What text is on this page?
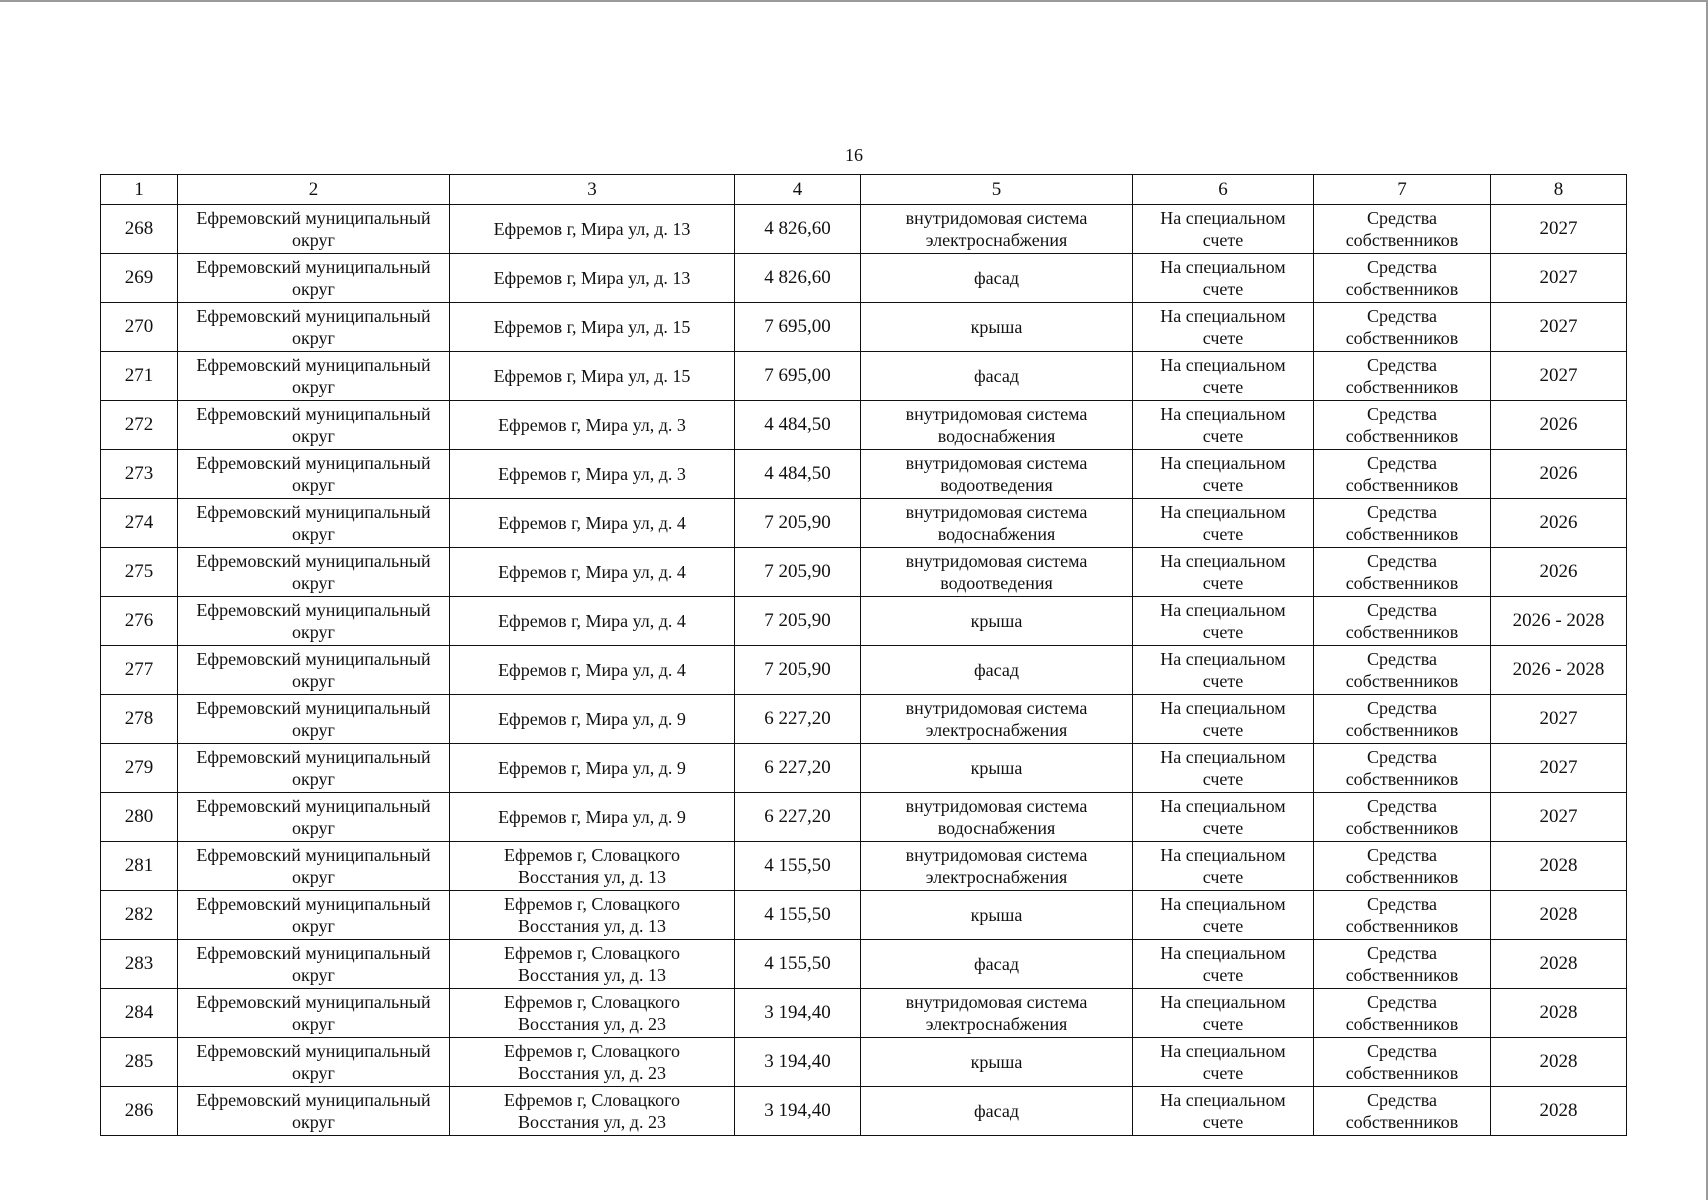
16
1	2	3	4	5	6	7	8
268	Ефремовский муниципальный
округ	Ефремов г, Мира ул, д. 13	4 826,60	внутридомовая система
электроснабжения	На специальном
счете	Средства
собственников	2027
269	Ефремовский муниципальный
округ	Ефремов г, Мира ул, д. 13	4 826,60	фасад	На специальном
счете	Средства
собственников	2027
270	Ефремовский муниципальный
округ	Ефремов г, Мира ул, д. 15	7 695,00	крыша	На специальном
счете	Средства
собственников	2027
271	Ефремовский муниципальный
округ	Ефремов г, Мира ул, д. 15	7 695,00	фасад	На специальном
счете	Средства
собственников	2027
272	Ефремовский муниципальный
округ	Ефремов г, Мира ул, д. 3	4 484,50	внутридомовая система
водоснабжения	На специальном
счете	Средства
собственников	2026
273	Ефремовский муниципальный
округ	Ефремов г, Мира ул, д. 3	4 484,50	внутридомовая система
водоотведения	На специальном
счете	Средства
собственников	2026
274	Ефремовский муниципальный
округ	Ефремов г, Мира ул, д. 4	7 205,90	внутридомовая система
водоснабжения	На специальном
счете	Средства
собственников	2026
275	Ефремовский муниципальный
округ	Ефремов г, Мира ул, д. 4	7 205,90	внутридомовая система
водоотведения	На специальном
счете	Средства
собственников	2026
276	Ефремовский муниципальный
округ	Ефремов г, Мира ул, д. 4	7 205,90	крыша	На специальном
счете	Средства
собственников	2026 - 2028
277	Ефремовский муниципальный
округ	Ефремов г, Мира ул, д. 4	7 205,90	фасад	На специальном
счете	Средства
собственников	2026 - 2028
278	Ефремовский муниципальный
округ	Ефремов г, Мира ул, д. 9	6 227,20	внутридомовая система
электроснабжения	На специальном
счете	Средства
собственников	2027
279	Ефремовский муниципальный
округ	Ефремов г, Мира ул, д. 9	6 227,20	крыша	На специальном
счете	Средства
собственников	2027
280	Ефремовский муниципальный
округ	Ефремов г, Мира ул, д. 9	6 227,20	внутридомовая система
водоснабжения	На специальном
счете	Средства
собственников	2027
281	Ефремовский муниципальный
округ	Ефремов г, Словацкого
Восстания ул, д. 13	4 155,50	внутридомовая система
электроснабжения	На специальном
счете	Средства
собственников	2028
282	Ефремовский муниципальный
округ	Ефремов г, Словацкого
Восстания ул, д. 13	4 155,50	крыша	На специальном
счете	Средства
собственников	2028
283	Ефремовский муниципальный
округ	Ефремов г, Словацкого
Восстания ул, д. 13	4 155,50	фасад	На специальном
счете	Средства
собственников	2028
284	Ефремовский муниципальный
округ	Ефремов г, Словацкого
Восстания ул, д. 23	3 194,40	внутридомовая система
электроснабжения	На специальном
счете	Средства
собственников	2028
285	Ефремовский муниципальный
округ	Ефремов г, Словацкого
Восстания ул, д. 23	3 194,40	крыша	На специальном
счете	Средства
собственников	2028
286	Ефремовский муниципальный
округ	Ефремов г, Словацкого
Восстания ул, д. 23	3 194,40	фасад	На специальном
счете	Средства
собственников	2028
